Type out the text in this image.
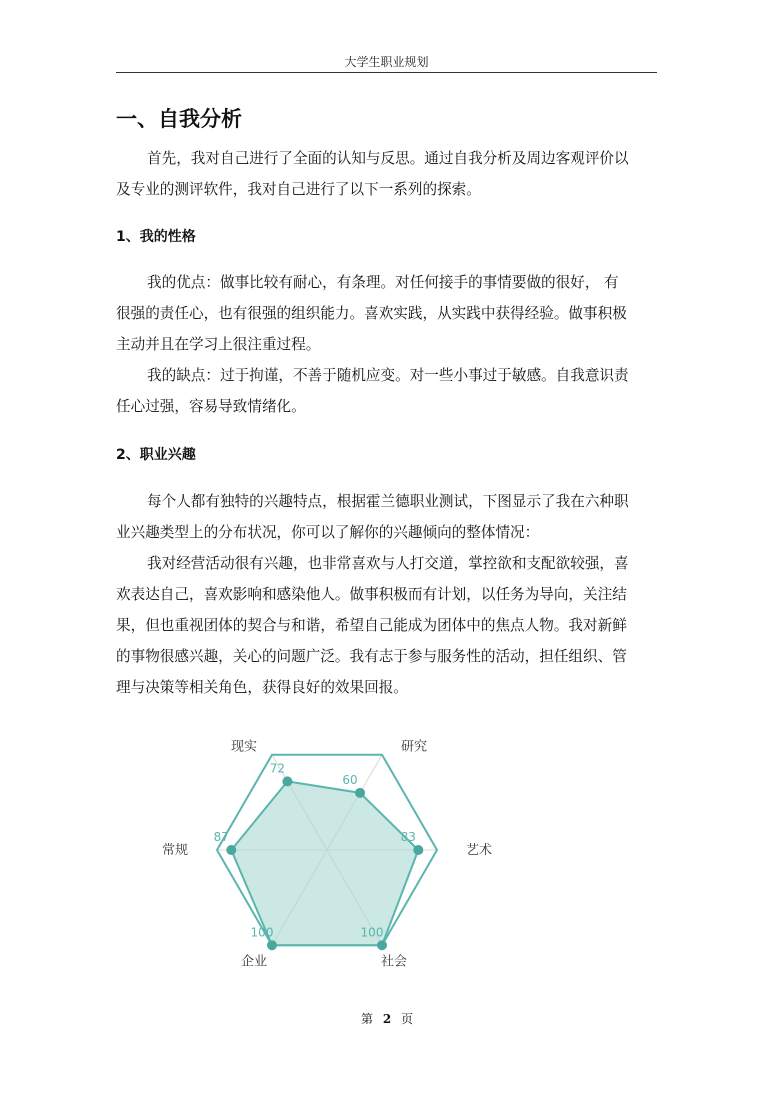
大学生职业规划
一、自我分析
首先，我对自己进行了全面的认知与反思。通过自我分析及周边客观评价以
及专业的测评软件，我对自己进行了以下一系列的探索。
1、我的性格
我的优点：做事比较有耐心，有条理。对任何接手的事情要做的很好， 有
很强的责任心，也有很强的组织能力。喜欢实践，从实践中获得经验。做事积极
主动并且在学习上很注重过程。
我的缺点：过于拘谨，不善于随机应变。对一些小事过于敏感。自我意识责
任心过强，容易导致情绪化。
2、职业兴趣
每个人都有独特的兴趣特点，根据霍兰德职业测试，下图显示了我在六种职
业兴趣类型上的分布状况，你可以了解你的兴趣倾向的整体情况：
我对经营活动很有兴趣，也非常喜欢与人打交道，掌控欲和支配欲较强，喜
欢表达自己，喜欢影响和感染他人。做事积极而有计划，以任务为导向，关注结
果，但也重视团体的契合与和谐，希望自己能成为团体中的焦点人物。我对新鲜
的事物很感兴趣，关心的问题广泛。我有志于参与服务性的活动，担任组织、管
理与决策等相关角色，获得良好的效果回报。
72
60
83
100
100
87
现实	研究
艺术
社会
企业
常规
第 2 页
